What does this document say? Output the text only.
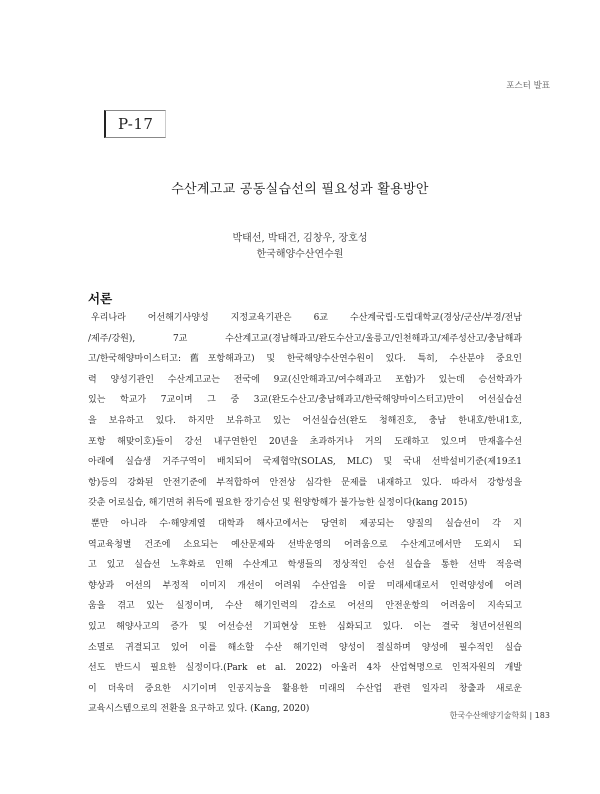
포스터 발표
P-17
수산계고교 공동실습선의 필요성과 활용방안
박태선, 박태건, 김창우, 장호성
한국해양수산연수원
서론
우리나라 어선해기사양성 지정교육기관은 6교 수산계국립·도립대학교(경상/군산/부경/전남
/제주/강원), 7교 수산계고교(경남해과고/완도수산고/울릉고/인천해과고/제주성산고/충남해과
고/한국해양마이스터고:舊포항해과고) 및 한국해양수산연수원이 있다. 특히, 수산분야 중요인
력 양성기관인 수산계고교는 전국에 9교(신안해과고/여수해과고 포함)가 있는데 승선학과가
있는 학교가 7교이며 그 중 3교(완도수산고/충남해과고/한국해양마이스터고)만이 어선실습선
을 보유하고 있다. 하지만 보유하고 있는 어선실습선(완도 청해진호, 충남 한내호/한내1호,
포항 해맞이호)들이 강선 내구연한인 20년을 초과하거나 거의 도래하고 있으며 만재흘수선
아래에 실습생 거주구역이 배치되어 국제협약(SOLAS, MLC) 및 국내 선박설비기준(제19조1
항)등의 강화된 안전기준에 부적합하여 안전상 심각한 문제를 내재하고 있다. 따라서 강항성을
갖춘 어로실습, 해기면허 취득에 필요한 장기승선 및 원양항해가 불가능한 실정이다(kang 2015)
뿐만 아니라 수·해양계열 대학과 해사고에서는 당연히 제공되는 양질의 실습선이 각 지
역교육청별 건조에 소요되는 예산문제와 선박운영의 어려움으로 수산계고에서만 도외시 되
고 있고 실습선 노후화로 인해 수산계고 학생들의 정상적인 승선 실습을 통한 선박 적응력
향상과 어선의 부정적 이미지 개선이 어려워 수산업을 이끌 미래세대로서 인력양성에 어려
움을 겪고 있는 실정이며, 수산 해기인력의 감소로 어선의 안전운항의 어려움이 지속되고
있고 해양사고의 증가 및 어선승선 기피현상 또한 심화되고 있다. 이는 결국 청년어선원의
소멸로 귀결되고 있어 이를 해소할 수산 해기인력 양성이 절실하며 양성에 필수적인 실습
선도 반드시 필요한 실정이다.(Park et al. 2022) 아울러 4차 산업혁명으로 인적자원의 개발
이 더욱더 중요한 시기이며 인공지능을 활용한 미래의 수산업 관련 일자리 창출과 새로운
교육시스템으로의 전환을 요구하고 있다. (Kang, 2020)
한국수산해양기술학회 | 183
